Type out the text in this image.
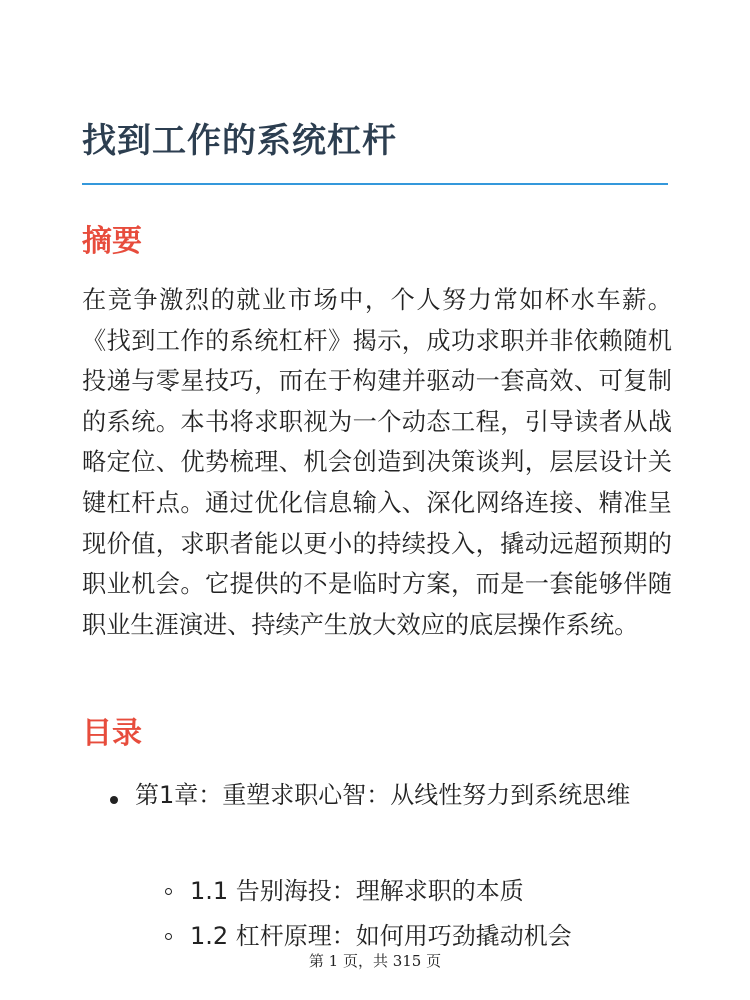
找到工作的系统杠杆
摘要

在竞争激烈的就业市场中，个人努力常如杯水车薪。《找到工作的系统杠杆》揭示，成功求职并非依赖随机投递与零星技巧，而在于构建并驱动一套高效、可复制的系统。本书将求职视为一个动态工程，引导读者从战略定位、优势梳理、机会创造到决策谈判，层层设计关键杠杆点。通过优化信息输入、深化网络连接、精准呈现价值，求职者能以更小的持续投入，撬动远超预期的职业机会。它提供的不是临时方案，而是一套能够伴随职业生涯演进、持续产生放大效应的底层操作系统。

目录
第1章：重塑求职心智：从线性努力到系统思维
1.1 告别海投：理解求职的本质
1.2 杠杆原理：如何用巧劲撬动机会
第 1 页，共 315 页
